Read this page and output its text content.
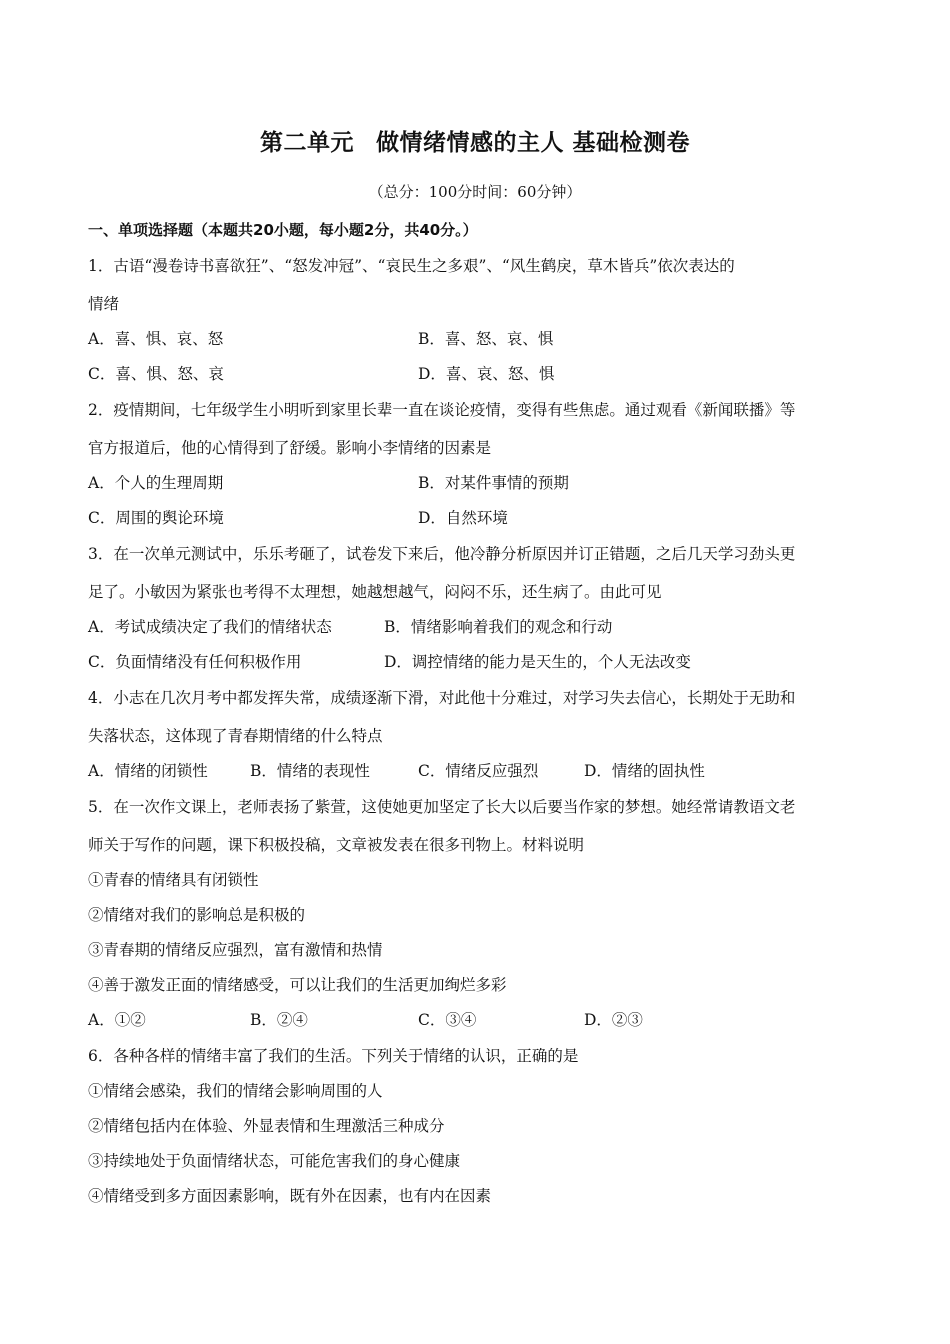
第二单元 做情绪情感的主人 基础检测卷
（总分：100分时间：60分钟）
一、单项选择题（本题共20小题，每小题2分，共40分。）
1．古语“漫卷诗书喜欲狂”、“怒发冲冠”、“哀民生之多艰”、“风生鹤戾，草木皆兵”依次表达的
情绪
A．喜、惧、哀、怒	B．喜、怒、哀、惧
C．喜、惧、怒、哀	D．喜、哀、怒、惧
2．疫情期间，七年级学生小明听到家里长辈一直在谈论疫情，变得有些焦虑。通过观看《新闻联播》等
官方报道后，他的心情得到了舒缓。影响小李情绪的因素是
A．个人的生理周期	B．对某件事情的预期
C．周围的舆论环境	D．自然环境
3．在一次单元测试中，乐乐考砸了，试卷发下来后，他冷静分析原因并订正错题，之后几天学习劲头更
足了。小敏因为紧张也考得不太理想，她越想越气，闷闷不乐，还生病了。由此可见
A．考试成绩决定了我们的情绪状态	B．情绪影响着我们的观念和行动
C．负面情绪没有任何积极作用	D．调控情绪的能力是天生的，个人无法改变
4．小志在几次月考中都发挥失常，成绩逐渐下滑，对此他十分难过，对学习失去信心，长期处于无助和
失落状态，这体现了青春期情绪的什么特点
A．情绪的闭锁性	B．情绪的表现性	C．情绪反应强烈	D．情绪的固执性
5．在一次作文课上，老师表扬了紫萱，这使她更加坚定了长大以后要当作家的梦想。她经常请教语文老
师关于写作的问题，课下积极投稿，文章被发表在很多刊物上。材料说明
①青春的情绪具有闭锁性
②情绪对我们的影响总是积极的
③青春期的情绪反应强烈，富有激情和热情
④善于激发正面的情绪感受，可以让我们的生活更加绚烂多彩
A．①②	B．②④	C．③④	D．②③
6．各种各样的情绪丰富了我们的生活。下列关于情绪的认识，正确的是
①情绪会感染，我们的情绪会影响周围的人
②情绪包括内在体验、外显表情和生理激活三种成分
③持续地处于负面情绪状态，可能危害我们的身心健康
④情绪受到多方面因素影响，既有外在因素，也有内在因素
